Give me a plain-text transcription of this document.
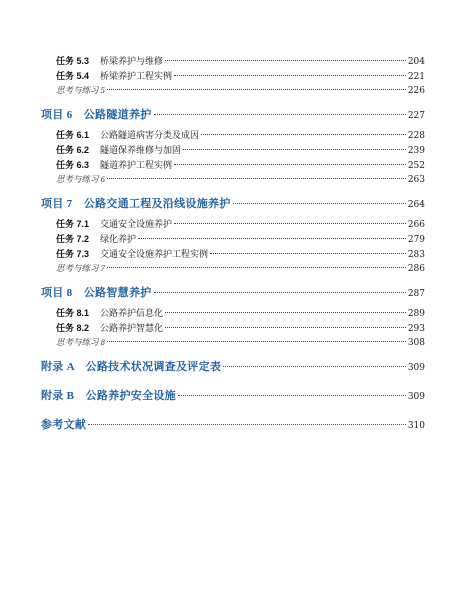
任务 5.3	桥梁养护与维修	204
任务 5.4	桥梁养护工程实例	221
思考与练习 5	226
项目 6　公路隧道养护	227
任务 6.1	公路隧道病害分类及成因	228
任务 6.2	隧道保养维修与加固	239
任务 6.3	隧道养护工程实例	252
思考与练习 6	263
项目 7　公路交通工程及沿线设施养护	264
任务 7.1	交通安全设施养护	266
任务 7.2	绿化养护	279
任务 7.3	交通安全设施养护工程实例	283
思考与练习 7	286
项目 8　公路智慧养护	287
任务 8.1	公路养护信息化	289
任务 8.2	公路养护智慧化	293
思考与练习 8	308
附录 A　公路技术状况调查及评定表	309
附录 B　公路养护安全设施	309
参考文献	310
